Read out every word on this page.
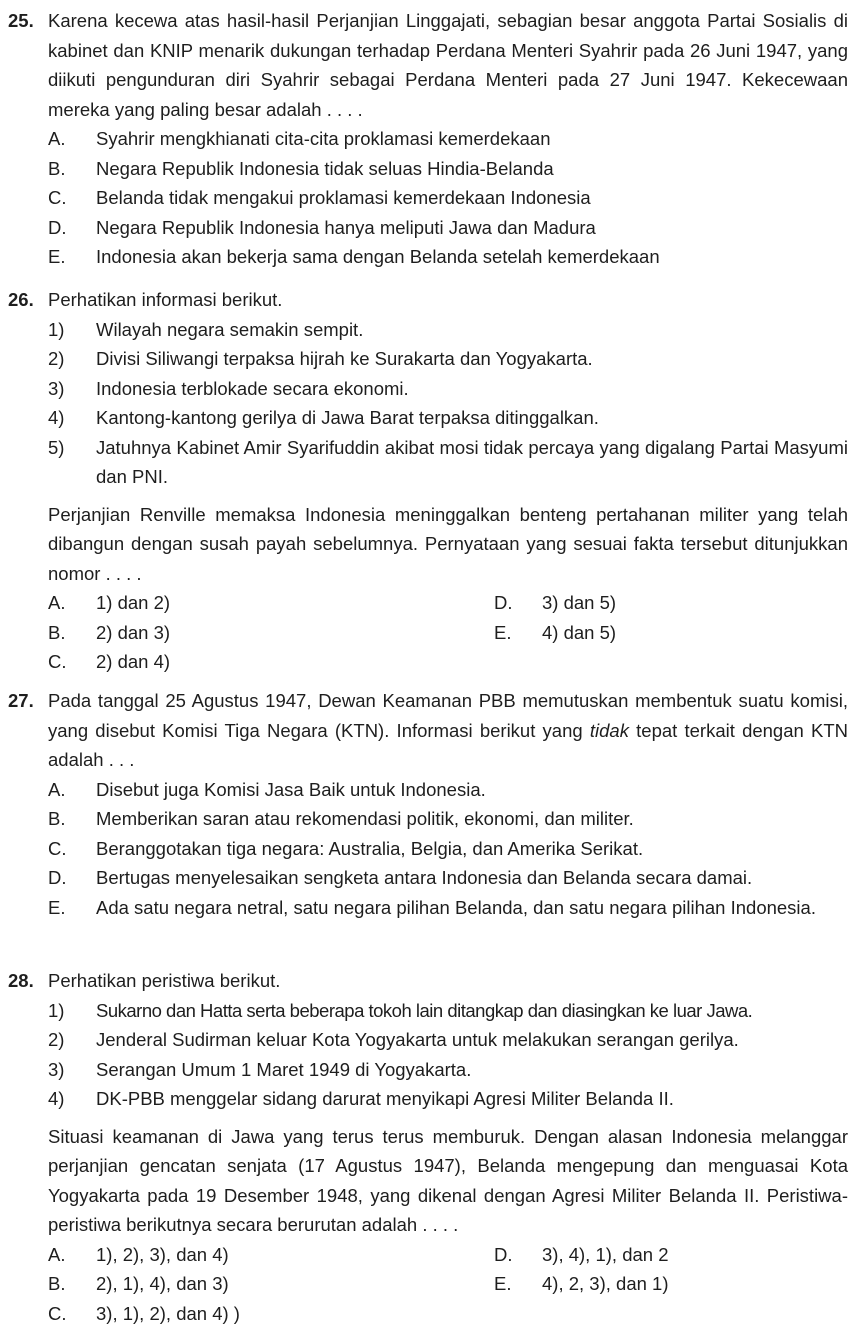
25. Karena kecewa atas hasil-hasil Perjanjian Linggajati, sebagian besar anggota Partai Sosialis di kabinet dan KNIP menarik dukungan terhadap Perdana Menteri Syahrir pada 26 Juni 1947, yang diikuti pengunduran diri Syahrir sebagai Perdana Menteri pada 27 Juni 1947. Kekecewaan mereka yang paling besar adalah . . . .
A.	Syahrir mengkhianati cita-cita proklamasi kemerdekaan
B.	Negara Republik Indonesia tidak seluas Hindia-Belanda
C.	Belanda tidak mengakui proklamasi kemerdekaan Indonesia
D.	Negara Republik Indonesia hanya meliputi Jawa dan Madura
E.	Indonesia akan bekerja sama dengan Belanda setelah kemerdekaan
26. Perhatikan informasi berikut.
1)	Wilayah negara semakin sempit.
2)	Divisi Siliwangi terpaksa hijrah ke Surakarta dan Yogyakarta.
3)	Indonesia terblokade secara ekonomi.
4)	Kantong-kantong gerilya di Jawa Barat terpaksa ditinggalkan.
5)	Jatuhnya Kabinet Amir Syarifuddin akibat mosi tidak percaya yang digalang Partai Masyumi dan PNI.
Perjanjian Renville memaksa Indonesia meninggalkan benteng pertahanan militer yang telah dibangun dengan susah payah sebelumnya. Pernyataan yang sesuai fakta tersebut ditunjukkan nomor . . . .
A.	1) dan 2)	D.	3) dan 5)
B.	2) dan 3)	E.	4) dan 5)
C.	2) dan 4)
27. Pada tanggal 25 Agustus 1947, Dewan Keamanan PBB memutuskan membentuk suatu komisi, yang disebut Komisi Tiga Negara (KTN). Informasi berikut yang tidak tepat terkait dengan KTN adalah . . .
A.	Disebut juga Komisi Jasa Baik untuk Indonesia.
B.	Memberikan saran atau rekomendasi politik, ekonomi, dan militer.
C.	Beranggotakan tiga negara: Australia, Belgia, dan Amerika Serikat.
D.	Bertugas menyelesaikan sengketa antara Indonesia dan Belanda secara damai.
E.	Ada satu negara netral, satu negara pilihan Belanda, dan satu negara pilihan Indonesia.
28. Perhatikan peristiwa berikut.
1)	Sukarno dan Hatta serta beberapa tokoh lain ditangkap dan diasingkan ke luar Jawa.
2)	Jenderal Sudirman keluar Kota Yogyakarta untuk melakukan serangan gerilya.
3)	Serangan Umum 1 Maret 1949 di Yogyakarta.
4)	DK-PBB menggelar sidang darurat menyikapi Agresi Militer Belanda II.
Situasi keamanan di Jawa yang terus terus memburuk. Dengan alasan Indonesia melanggar perjanjian gencatan senjata (17 Agustus 1947), Belanda mengepung dan menguasai Kota Yogyakarta pada 19 Desember 1948, yang dikenal dengan Agresi Militer Belanda II. Peristiwa-peristiwa berikutnya secara berurutan adalah . . . .
A.	1), 2), 3), dan 4)	D.	3), 4), 1), dan 2
B.	2), 1), 4), dan 3)	E.	4), 2, 3), dan 1)
C.	3), 1), 2), dan 4) )
